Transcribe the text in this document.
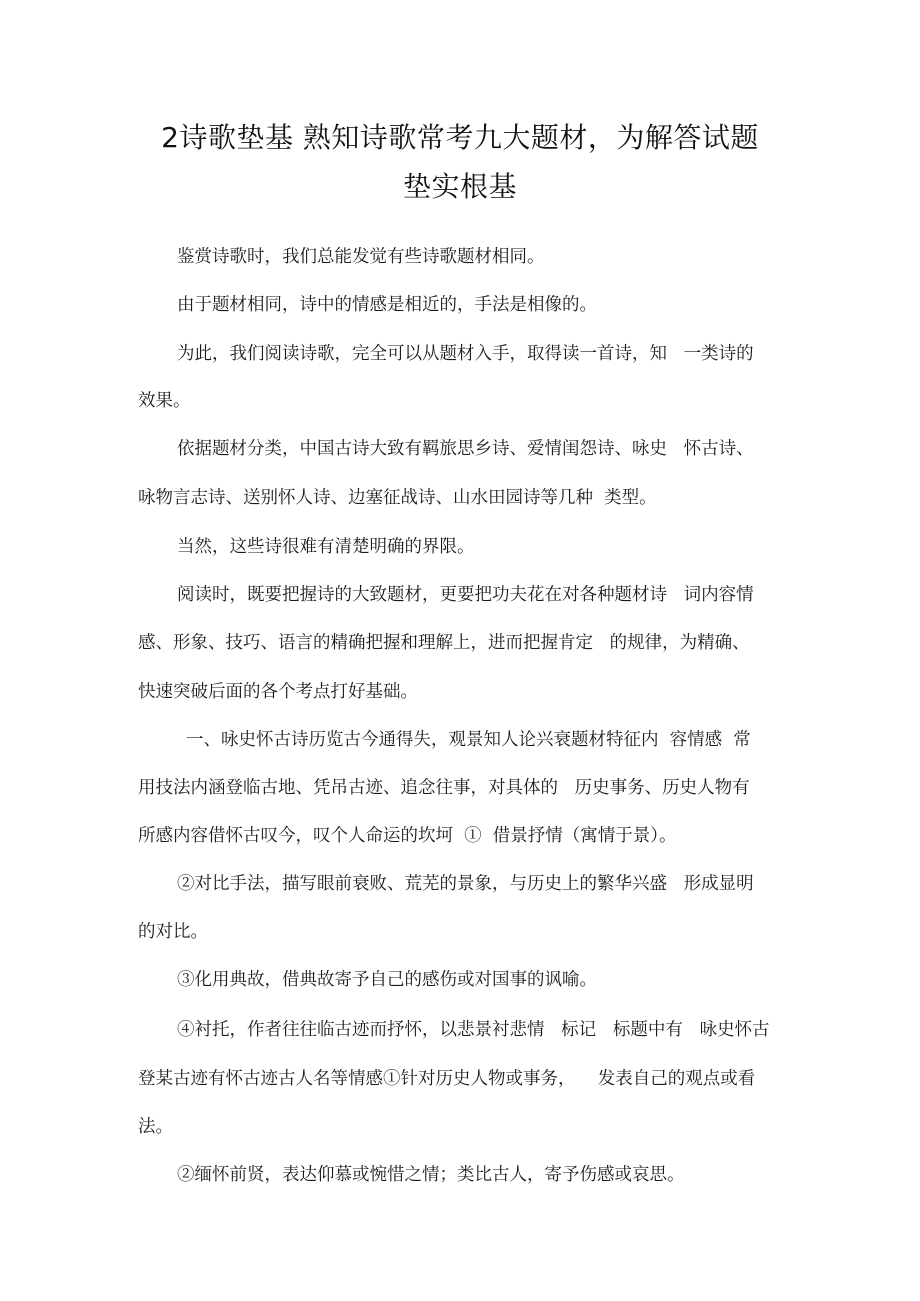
2诗歌垫基 熟知诗歌常考九大题材，为解答试题
垫实根基
鉴赏诗歌时，我们总能发觉有些诗歌题材相同。
由于题材相同，诗中的情感是相近的，手法是相像的。
为此，我们阅读诗歌，完全可以从题材入手，取得读一首诗，知   一类诗的
效果。
依据题材分类，中国古诗大致有羁旅思乡诗、爱情闺怨诗、咏史   怀古诗、
咏物言志诗、送别怀人诗、边塞征战诗、山水田园诗等几种  类型。
当然，这些诗很难有清楚明确的界限。
阅读时，既要把握诗的大致题材，更要把功夫花在对各种题材诗   词内容情
感、形象、技巧、语言的精确把握和理解上，进而把握肯定   的规律，为精确、
快速突破后面的各个考点打好基础。
一、咏史怀古诗历览古今通得失，观景知人论兴衰题材特征内  容情感  常
用技法内涵登临古地、凭吊古迹、追念往事，对具体的   历史事务、历史人物有
所感内容借怀古叹今，叹个人命运的坎坷  ①  借景抒情（寓情于景）。
②对比手法，描写眼前衰败、荒芜的景象，与历史上的繁华兴盛   形成显明
的对比。
③化用典故，借典故寄予自己的感伤或对国事的讽喻。
④衬托，作者往往临古迹而抒怀，以悲景衬悲情   标记   标题中有   咏史怀古
登某古迹有怀古迹古人名等情感①针对历史人物或事务，    发表自己的观点或看
法。
②缅怀前贤，表达仰慕或惋惜之情；类比古人，寄予伤感或哀思。
